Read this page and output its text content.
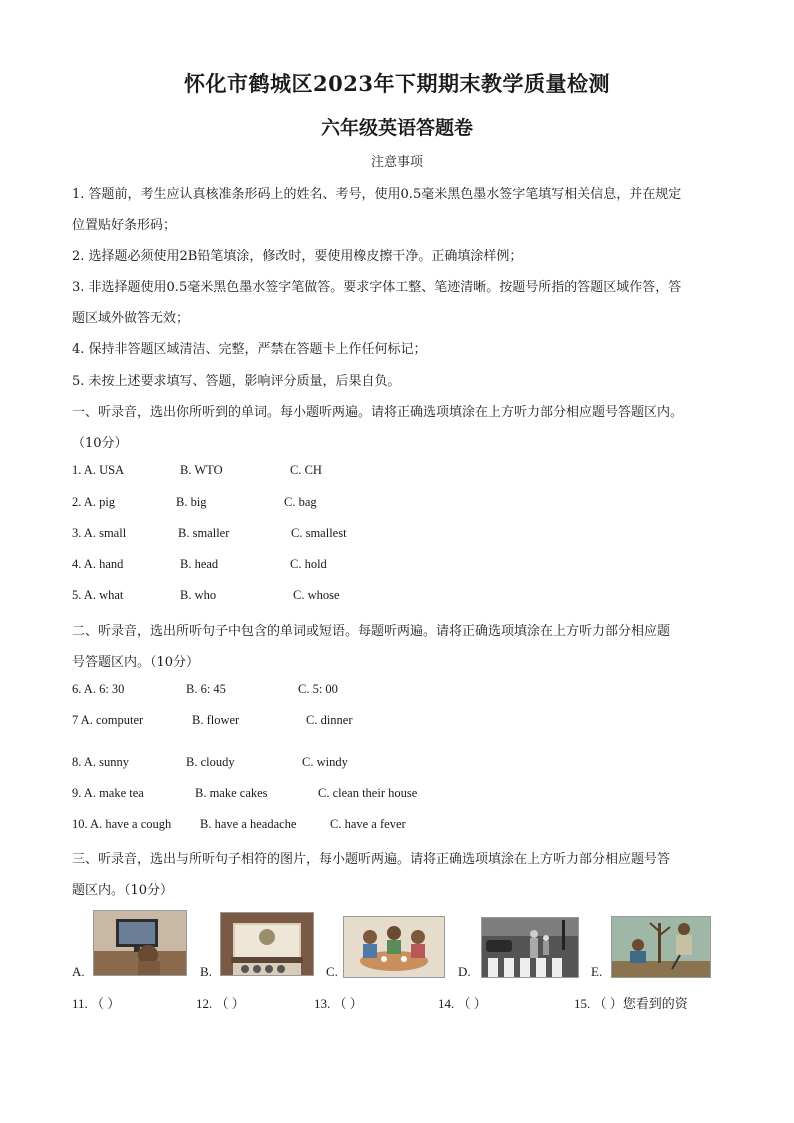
怀化市鹤城区2023年下期期末教学质量检测
六年级英语答题卷
注意事项
1. 答题前，考生应认真核准条形码上的姓名、考号，使用0.5毫米黑色墨水签字笔填写相关信息，并在规定
位置贴好条形码；
2. 选择题必须使用2B铅笔填涂，修改时，要使用橡皮擦干净。正确填涂样例；
3. 非选择题使用0.5毫米黑色墨水签字笔做答。要求字体工整、笔迹清晰。按题号所指的答题区域作答，答
题区域外做答无效；
4. 保持非答题区域清洁、完整，严禁在答题卡上作任何标记；
5. 未按上述要求填写、答题，影响评分质量，后果自负。
一、听录音，选出你所听到的单词。每小题听两遍。请将正确选项填涂在上方听力部分相应题号答题区内。
（10分）
1. A. USA	B. WTO	C. CH
2. A. pig	B. big	C. bag
3. A. small	B. smaller	C. smallest
4. A. hand	B. head	C. hold
5. A. what	B. who	C. whose
二、听录音，选出所听句子中包含的单词或短语。每题听两遍。请将正确选项填涂在上方听力部分相应题
号答题区内。（10分）
6. A. 6: 30	B. 6: 45	C. 5: 00
7 A. computer	B. flower	C. dinner
8. A. sunny	B. cloudy	C. windy
9. A. make tea	B. make cakes	C. clean their house
10. A. have a cough B. have a headache	C. have a fever
三、听录音，选出与所听句子相符的图片，每小题听两遍。请将正确选项填涂在上方听力部分相应题号答
题区内。（10分）
A.	B.	C.	D.	E.
11. （ ）	12. （ ）	13. （ ）	14. （ ）	15. （ ）您看到的资
